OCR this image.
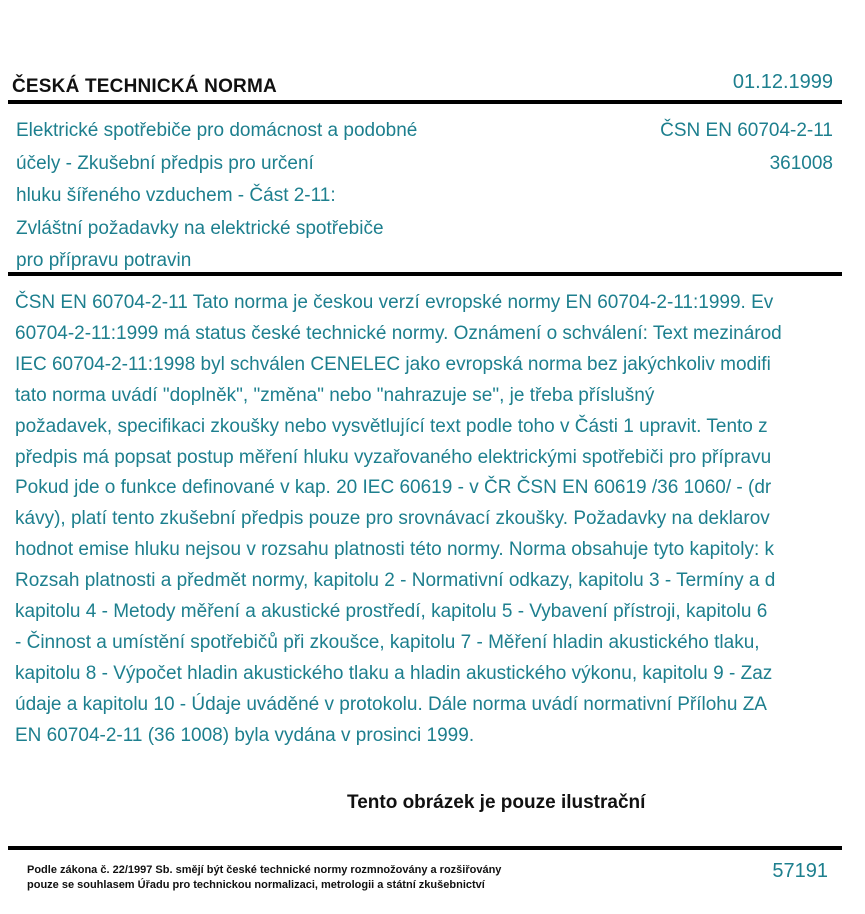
ČESKÁ TECHNICKÁ NORMA	01.12.1999
Elektrické spotřebiče pro domácnost a podobné
účely - Zkušební předpis pro určení
hluku šířeného vzduchem - Část 2-11:
Zvláštní požadavky na elektrické spotřebiče
pro přípravu potravin
ČSN EN 60704-2-11
361008
ČSN EN 60704-2-11 Tato norma je českou verzí evropské normy EN 60704-2-11:1999. Ev
60704-2-11:1999 má status české technické normy. Oznámení o schválení: Text mezinárod
IEC 60704-2-11:1998 byl schválen CENELEC jako evropská norma bez jakýchkoliv modifi
tato norma uvádí "doplněk", "změna" nebo "nahrazuje se", je třeba příslušný
požadavek, specifikaci zkoušky nebo vysvětlující text podle toho v Části 1 upravit. Tento z
předpis má popsat postup měření hluku vyzařovaného elektrickými spotřebiči pro přípravu
Pokud jde o funkce definované v kap. 20 IEC 60619 - v ČR ČSN EN 60619 /36 1060/ - (dr
kávy), platí tento zkušební předpis pouze pro srovnávací zkoušky. Požadavky na deklarov
hodnot emise hluku nejsou v rozsahu platnosti této normy. Norma obsahuje tyto kapitoly: k
Rozsah platnosti a předmět normy, kapitolu 2 - Normativní odkazy, kapitolu 3 - Termíny a d
kapitolu 4 - Metody měření a akustické prostředí, kapitolu 5 - Vybavení přístroji, kapitolu 6
- Činnost a umístění spotřebičů při zkoušce, kapitolu 7 - Měření hladin akustického tlaku,
kapitolu 8 - Výpočet hladin akustického tlaku a hladin akustického výkonu, kapitolu 9 - Zaz
údaje a kapitolu 10 - Údaje uváděné v protokolu. Dále norma uvádí normativní Přílohu ZA
EN 60704-2-11 (36 1008) byla vydána v prosinci 1999.
Tento obrázek je pouze ilustrační
Podle zákona č. 22/1997 Sb. smějí být české technické normy rozmnožovány a rozšiřovány
pouze se souhlasem Úřadu pro technickou normalizaci, metrologii a státní zkušebnictví
57191
